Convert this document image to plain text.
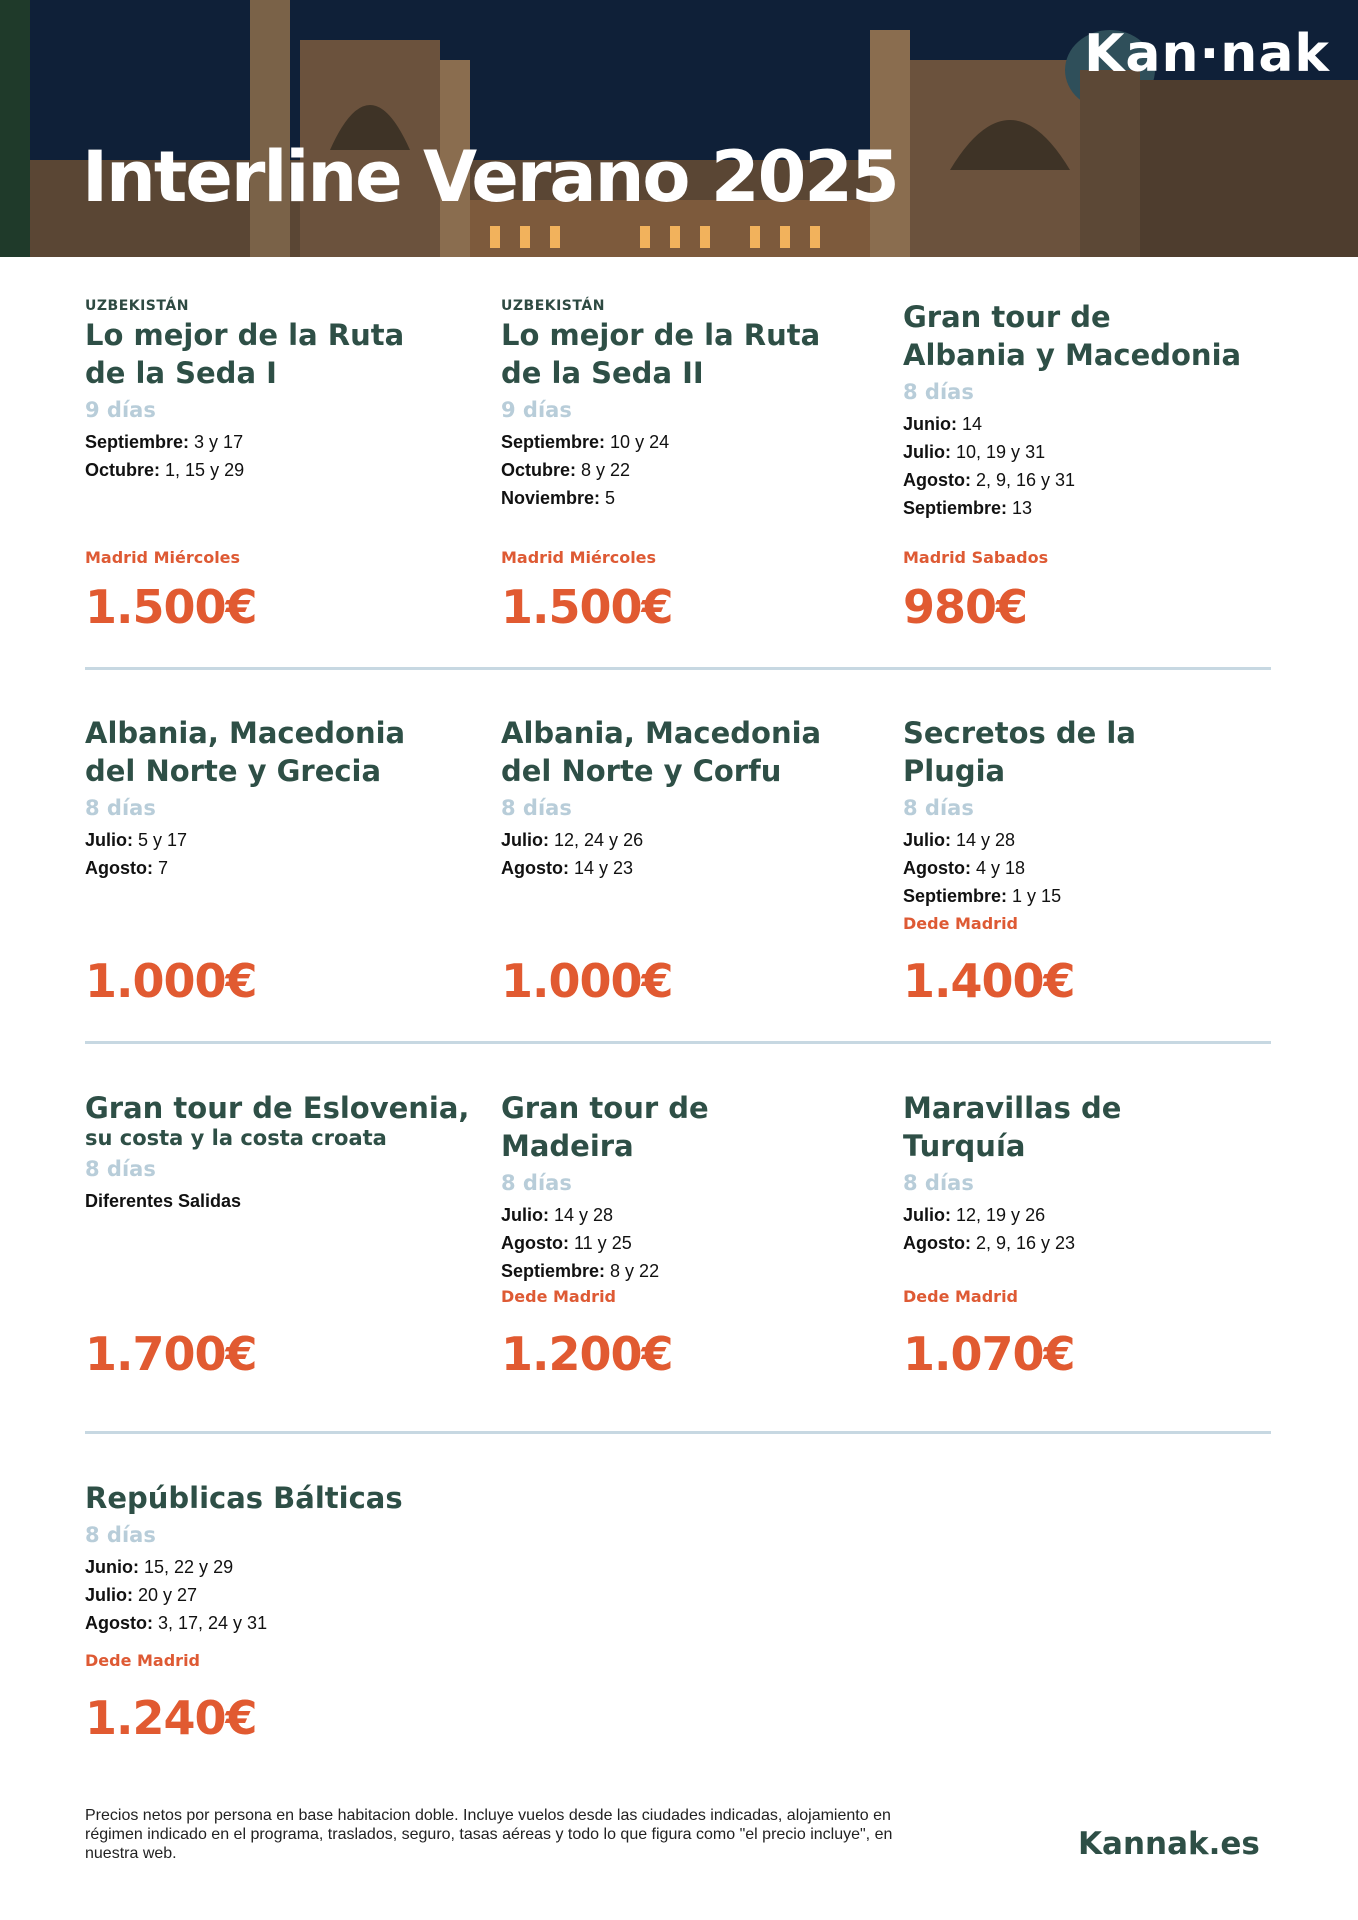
Kan·nak
Interline Verano 2025
UZBEKISTÁN
Lo mejor de la Ruta
de la Seda I
9 días
Septiembre: 3 y 17
Octubre: 1, 15 y 29
Madrid Miércoles
1.500€
UZBEKISTÁN
Lo mejor de la Ruta
de la Seda II
9 días
Septiembre: 10 y 24
Octubre: 8 y 22
Noviembre: 5
Madrid Miércoles
1.500€
Gran tour de
Albania y Macedonia
8 días
Junio: 14
Julio: 10, 19 y 31
Agosto: 2, 9, 16 y 31
Septiembre: 13
Madrid Sabados
980€
Albania, Macedonia
del Norte y Grecia
8 días
Julio: 5 y 17
Agosto: 7
1.000€
Albania, Macedonia
del Norte y Corfu
8 días
Julio: 12, 24 y 26
Agosto: 14 y 23
1.000€
Secretos de la
Plugia
8 días
Julio: 14 y 28
Agosto: 4 y 18
Septiembre: 1 y 15
Dede Madrid
1.400€
Gran tour de Eslovenia,
su costa y la costa croata
8 días
Diferentes Salidas
1.700€
Gran tour de
Madeira
8 días
Julio: 14 y 28
Agosto: 11 y 25
Septiembre: 8 y 22
Dede Madrid
1.200€
Maravillas de
Turquía
8 días
Julio: 12, 19 y 26
Agosto: 2, 9, 16 y 23
Dede Madrid
1.070€
Repúblicas Bálticas
8 días
Junio: 15, 22 y 29
Julio: 20 y 27
Agosto: 3, 17, 24 y 31
Dede Madrid
1.240€
Precios netos por persona en base habitacion doble. Incluye vuelos desde las ciudades indicadas, alojamiento en régimen indicado en el programa, traslados, seguro, tasas aéreas y todo lo que figura como "el precio incluye", en nuestra web.	Kannak.es
